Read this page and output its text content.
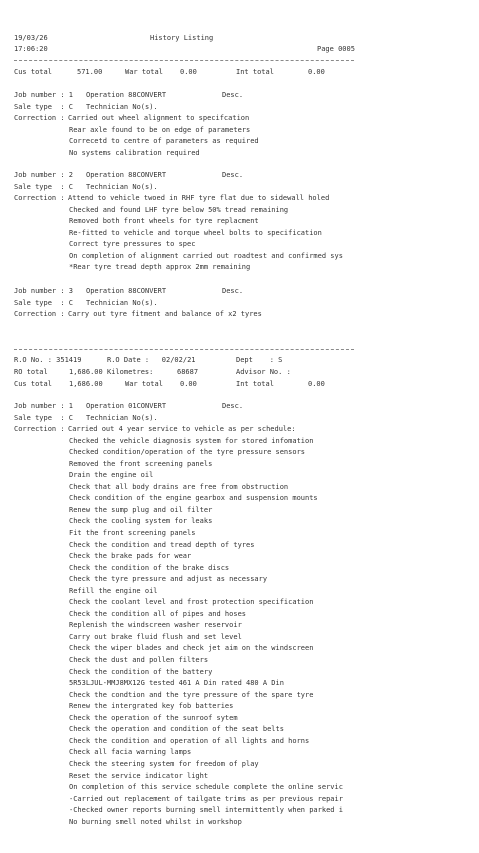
19/03/26	History Listing
17:06:20	Page 0005
Cus total	571.00	War total 0.00	Int total	0.00
Job number : 1 Operation 88CONVERT	Desc.
Sale type  : C Technician No(s).
Correction : Carried out wheel alignment to specifcation
Rear axle found to be on edge of parameters
Correcetd to centre of parameters as required
No systems calibration required
Job number : 2 Operation 88CONVERT	Desc.
Sale type  : C Technician No(s).
Correction : Attend to vehicle twoed in RHF tyre flat due to sidewall holed
Checked and found LHF tyre below 50% tread remaining
Removed both front wheels for tyre replacment
Re-fitted to vehicle and torque wheel bolts to specification
Correct tyre pressures to spec
On completion of alignment carried out roadtest and confirmed sys
*Rear tyre tread depth approx 2mm remaining
Job number : 3 Operation 88CONVERT	Desc.
Sale type  : C Technician No(s).
Correction : Carry out tyre fitment and balance of x2 tyres
R.O No. : 351419	R.O Date :   02/02/21	Dept    : S
RO total	1,686.00 Kilometres:	68687	Advisor No. :
Cus total 1,686.00	War total 0.00	Int total	0.00
Job number : 1 Operation 01CONVERT	Desc.
Sale type  : C Technician No(s).
Correction : Carried out 4 year service to vehicle as per schedule:
Checked the vehicle diagnosis system for stored infomation
Checked condition/operation of the tyre pressure sensors
Removed the front screening panels
Drain the engine oil
Check that all body drains are free from obstruction
Check condition of the engine gearbox and suspension mounts
Renew the sump plug and oil filter
Check the cooling system for leaks
Fit the front screening panels
Check the condition and tread depth of tyres
Check the brake pads for wear
Check the condition of the brake discs
Check the tyre pressure and adjust as necessary
Refill the engine oil
Check the coolant level and frost protection specification
Check the condition all of pipes and hoses
Replenish the windscreen washer reservoir
Carry out brake fluid flush and set level
Check the wiper blades and check jet aim on the windscreen
Check the dust and pollen filters
Check the condition of the battery
5R53LJUL-MMJ8MX12G tested 461 A Din rated 480 A Din
Check the condtion and the tyre pressure of the spare tyre
Renew the intergrated key fob batteries
Check the operation of the sunroof sytem
Check the operation and condition of the seat belts
Check the condition and operation of all lights and horns
Check all facia warning lamps
Check the steering system for freedom of play
Reset the service indicator light
On completion of this service schedule complete the online servic
-Carried out replacement of tailgate trims as per previous repair
-Checked owner reports burning smell intermittently when parked i
No burning smell noted whilst in workshop
